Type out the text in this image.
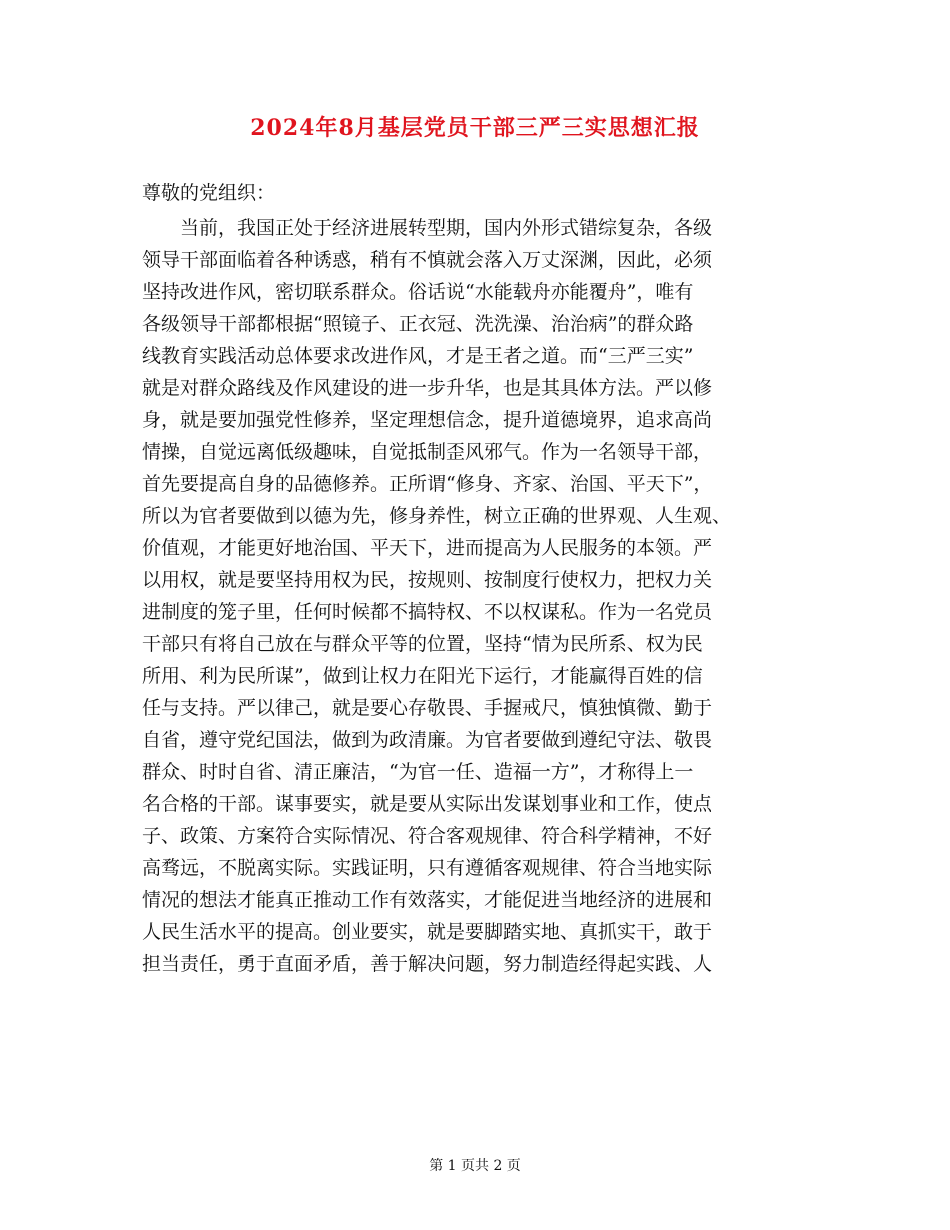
2024年8月基层党员干部三严三实思想汇报
尊敬的党组织：
　　当前，我国正处于经济进展转型期，国内外形式错综复杂，各级
领导干部面临着各种诱惑，稍有不慎就会落入万丈深渊，因此，必须
坚持改进作风，密切联系群众。俗话说“水能载舟亦能覆舟”，唯有
各级领导干部都根据“照镜子、正衣冠、洗洗澡、治治病”的群众路
线教育实践活动总体要求改进作风，才是王者之道。而“三严三实”
就是对群众路线及作风建设的进一步升华，也是其具体方法。严以修
身，就是要加强党性修养，坚定理想信念，提升道德境界，追求高尚
情操，自觉远离低级趣味，自觉抵制歪风邪气。作为一名领导干部，
首先要提高自身的品德修养。正所谓“修身、齐家、治国、平天下”，
所以为官者要做到以德为先，修身养性，树立正确的世界观、人生观、
价值观，才能更好地治国、平天下，进而提高为人民服务的本领。严
以用权，就是要坚持用权为民，按规则、按制度行使权力，把权力关
进制度的笼子里，任何时候都不搞特权、不以权谋私。作为一名党员
干部只有将自己放在与群众平等的位置，坚持“情为民所系、权为民
所用、利为民所谋”，做到让权力在阳光下运行，才能赢得百姓的信
任与支持。严以律己，就是要心存敬畏、手握戒尺，慎独慎微、勤于
自省，遵守党纪国法，做到为政清廉。为官者要做到遵纪守法、敬畏
群众、时时自省、清正廉洁，“为官一任、造福一方”，才称得上一
名合格的干部。谋事要实，就是要从实际出发谋划事业和工作，使点
子、政策、方案符合实际情况、符合客观规律、符合科学精神，不好
高骛远，不脱离实际。实践证明，只有遵循客观规律、符合当地实际
情况的想法才能真正推动工作有效落实，才能促进当地经济的进展和
人民生活水平的提高。创业要实，就是要脚踏实地、真抓实干，敢于
担当责任，勇于直面矛盾，善于解决问题，努力制造经得起实践、人
第 1 页共 2 页
